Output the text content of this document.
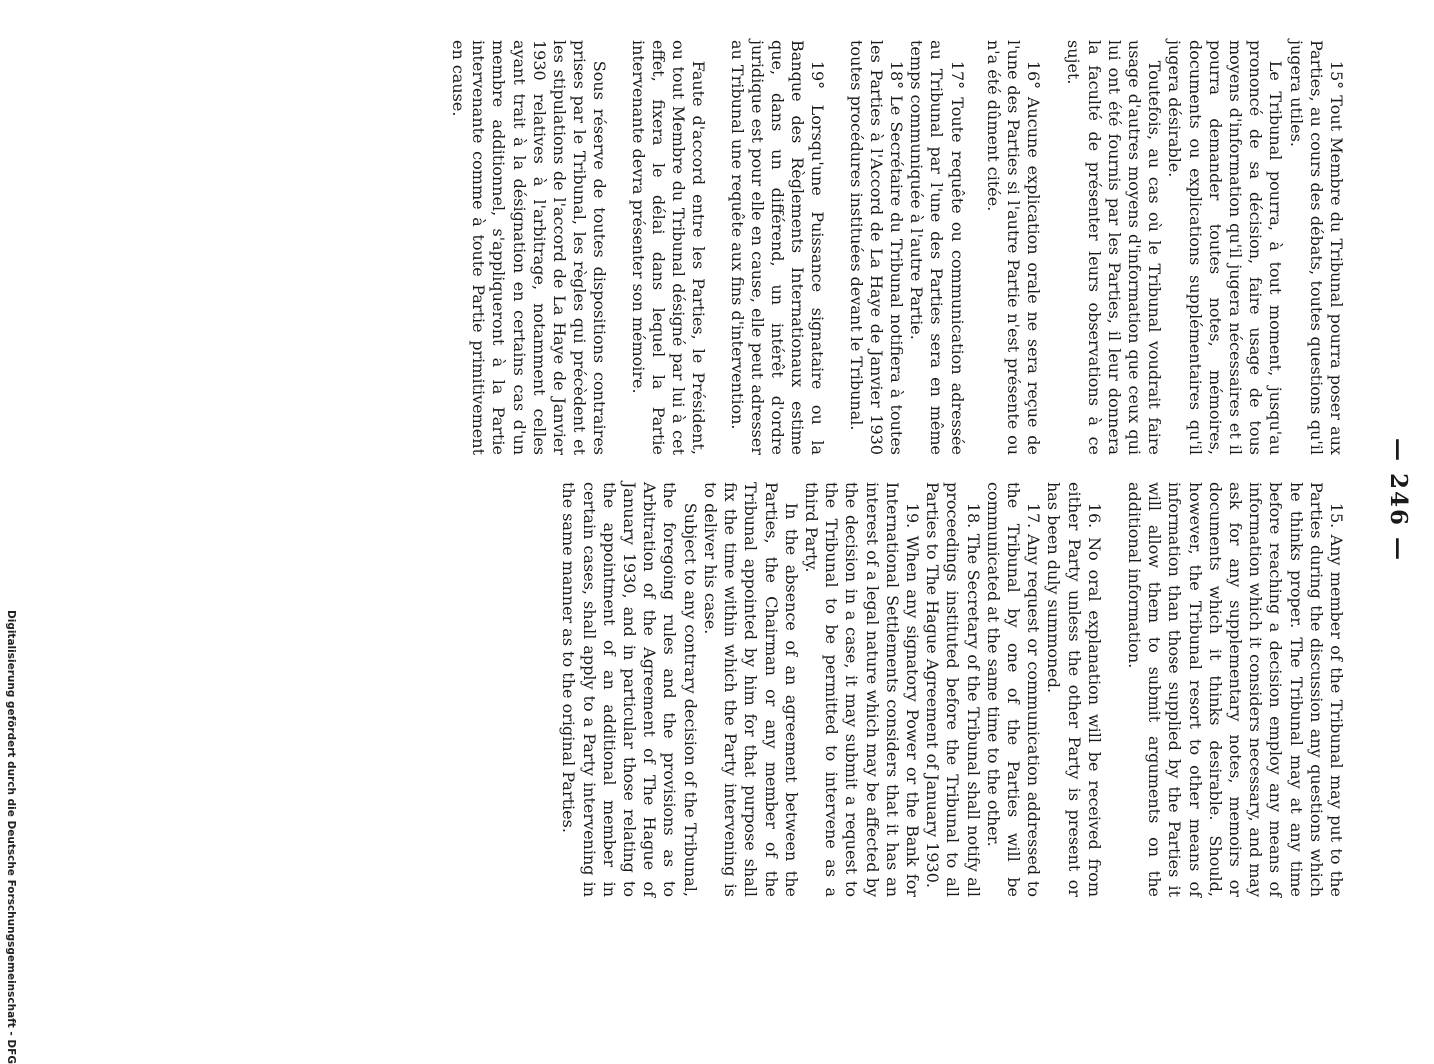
— 246 —

15° Tout Membre du Tribunal pourra poser aux Parties, au cours des débats, toutes questions qu'il jugera utiles.

Le Tribunal pourra, à tout moment, jusqu'au prononcé de sa décision, faire usage de tous moyens d'information qu'il jugera nécessaires et il pourra demander toutes notes, mémoires, documents ou explications supplémentaires qu'il jugera désirable.

Toutefois, au cas où le Tribunal voudrait faire usage d'autres moyens d'information que ceux qui lui ont été fournis par les Parties, il leur donnera la faculté de présenter leurs observations à ce sujet.

16° Aucune explication orale ne sera reçue de l'une des Parties si l'autre Partie n'est présente ou n'a été dûment citée.

17° Toute requête ou communication adressée au Tribunal par l'une des Parties sera en même temps communiquée à l'autre Partie.

18° Le Secrétaire du Tribunal notifiera à toutes les Parties à l'Accord de La Haye de Janvier 1930 toutes procédures instituées devant le Tribunal.

19° Lorsqu'une Puissance signataire ou la Banque des Règlements Internationaux estime que, dans un différend, un intérêt d'ordre juridique est pour elle en cause, elle peut adresser au Tribunal une requête aux fins d'intervention.

Faute d'accord entre les Parties, le Président, ou tout Membre du Tribunal désigné par lui à cet effet, fixera le délai dans lequel la Partie intervenante devra présenter son mémoire.

Sous réserve de toutes dispositions contraires prises par le Tribunal, les règles qui précèdent et les stipulations de l'accord de La Haye de Janvier 1930 relatives à l'arbitrage, notamment celles ayant trait à la désignation en certains cas d'un membre additionnel, s'appliqueront à la Partie intervenante comme à toute Partie primitivement en cause.

15. Any member of the Tribunal may put to the Parties during the discussion any questions which he thinks proper. The Tribunal may at any time before reaching a decision employ any means of information which it considers necessary, and may ask for any supplementary notes, memoirs or documents which it thinks desirable. Should, however, the Tribunal resort to other means of information than those supplied by the Parties it will allow them to submit arguments on the additional information.

16. No oral explanation will be received from either Party unless the other Party is present or has been duly summoned.

17. Any request or communication addressed to the Tribunal by one of the Parties will be communicated at the same time to the other.

18. The Secretary of the Tribunal shall notify all proceedings instituted before the Tribunal to all Parties to The Hague Agreement of January 1930.

19. When any signatory Power or the Bank for International Settlements considers that it has an interest of a legal nature which may be affected by the decision in a case, it may submit a request to the Tribunal to be permitted to intervene as a third Party.

In the absence of an agreement between the Parties, the Chairman or any member of the Tribunal appointed by him for that purpose shall fix the time within which the Party intervening is to deliver his case.

Subject to any contrary decision of the Tribunal, the foregoing rules and the provisions as to Arbitration of the Agreement of The Hague of January 1930, and in particular those relating to the appointment of an additional member in certain cases, shall apply to a Party intervening in the same manner as to the original Parties.

Digitalisierung gefördert durch die Deutsche Forschungsgemeinschaft - DFG
